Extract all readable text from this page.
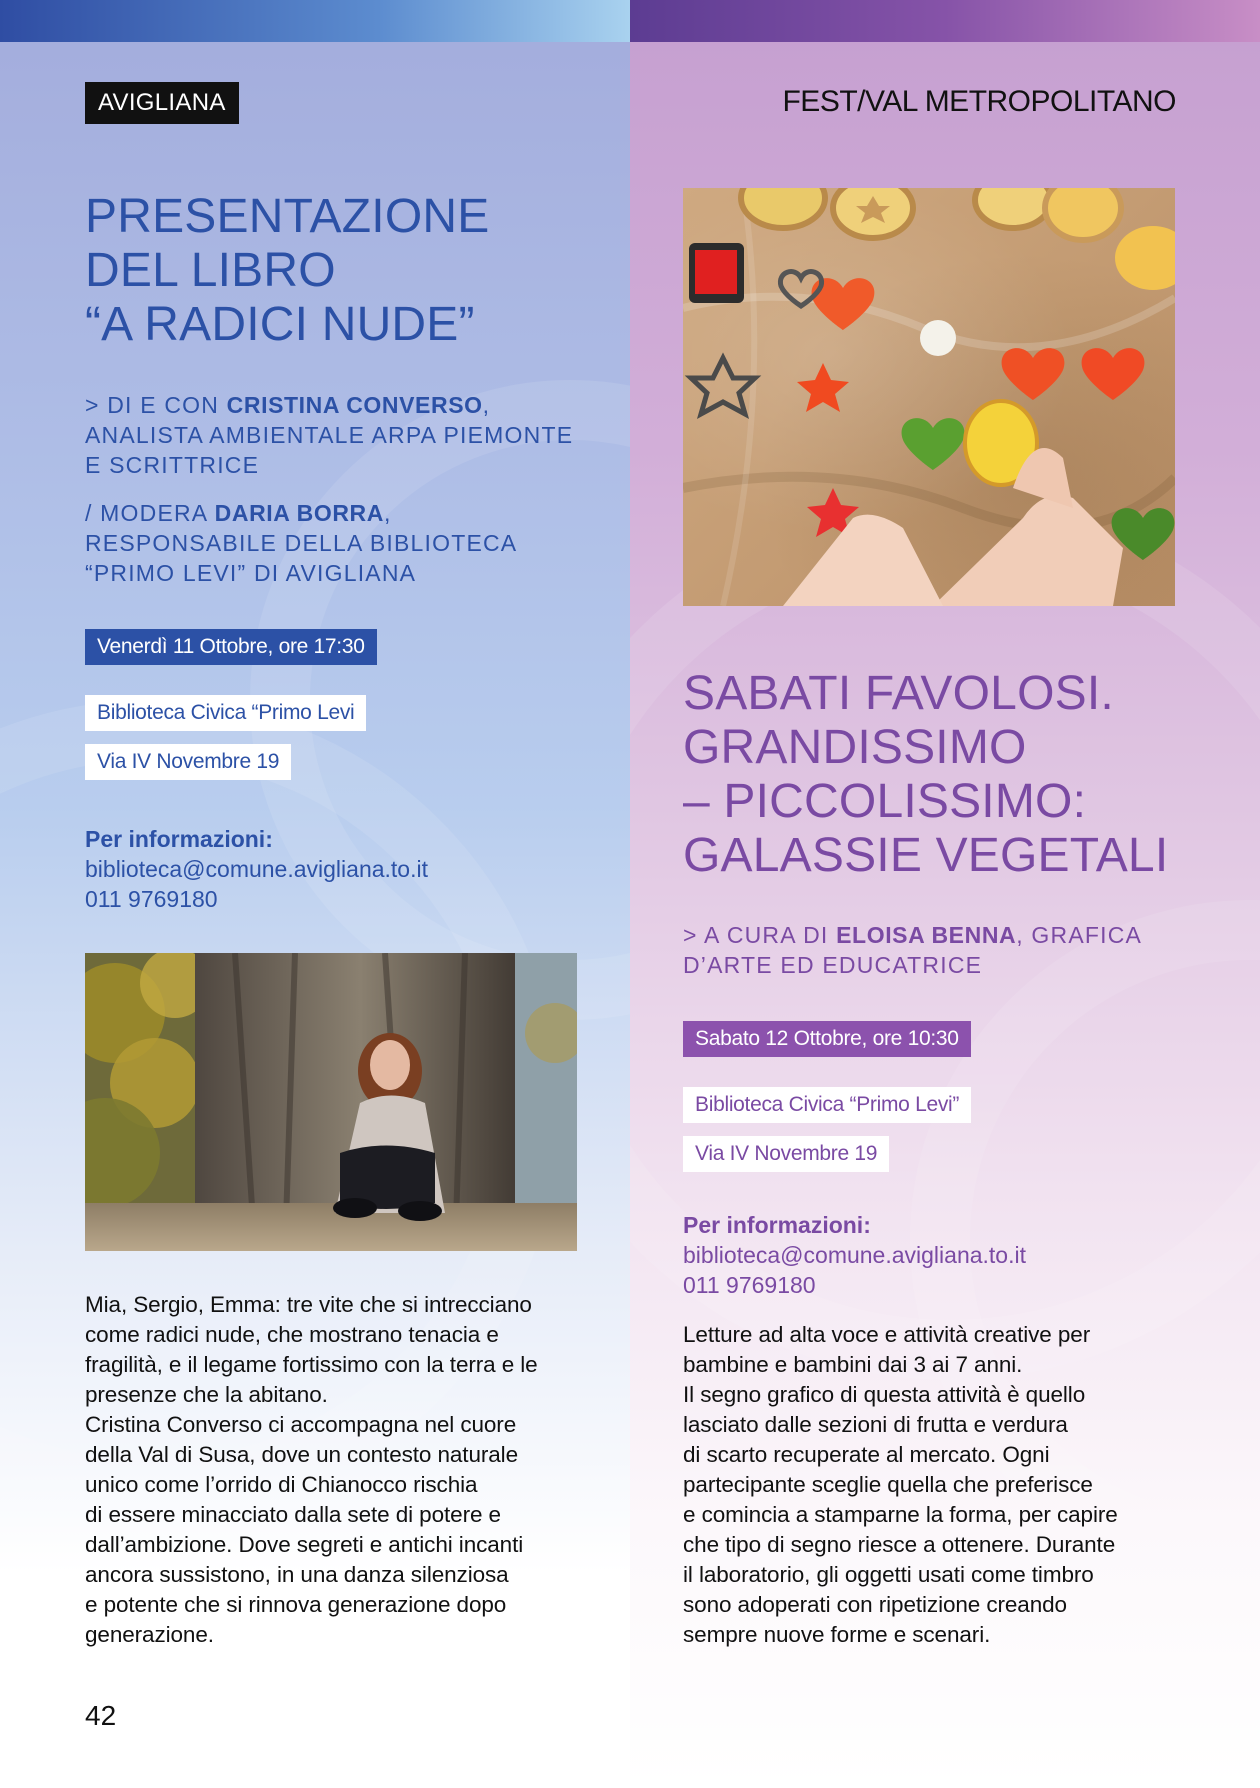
AVIGLIANA
PRESENTAZIONE
DEL LIBRO
“A RADICI NUDE”
> DI E CON CRISTINA CONVERSO,
ANALISTA AMBIENTALE ARPA PIEMONTE
E SCRITTRICE
/ MODERA DARIA BORRA,
RESPONSABILE DELLA BIBLIOTECA
“PRIMO LEVI” DI AVIGLIANA
Venerdì 11 Ottobre, ore 17:30
Biblioteca Civica “Primo Levi
Via IV Novembre 19
Per informazioni:
biblioteca@comune.avigliana.to.it
011 9769180
Mia, Sergio, Emma: tre vite che si intrecciano
come radici nude, che mostrano tenacia e
fragilità, e il legame fortissimo con la terra e le
presenze che la abitano.
Cristina Converso ci accompagna nel cuore
della Val di Susa, dove un contesto naturale
unico come l’orrido di Chianocco rischia
di essere minacciato dalla sete di potere e
dall’ambizione. Dove segreti e antichi incanti
ancora sussistono, in una danza silenziosa
e potente che si rinnova generazione dopo
generazione.
42
FEST/VAL METROPOLITANO
SABATI FAVOLOSI.
GRANDISSIMO
– PICCOLISSIMO:
GALASSIE VEGETALI
> A CURA DI ELOISA BENNA, GRAFICA
D’ARTE ED EDUCATRICE
Sabato 12 Ottobre, ore 10:30
Biblioteca Civica “Primo Levi”
Via IV Novembre 19
Per informazioni:
biblioteca@comune.avigliana.to.it
011 9769180
Letture ad alta voce e attività creative per
bambine e bambini dai 3 ai 7 anni.
Il segno grafico di questa attività è quello
lasciato dalle sezioni di frutta e verdura
di scarto recuperate al mercato. Ogni
partecipante sceglie quella che preferisce
e comincia a stamparne la forma, per capire
che tipo di segno riesce a ottenere. Durante
il laboratorio, gli oggetti usati come timbro
sono adoperati con ripetizione creando
sempre nuove forme e scenari.
